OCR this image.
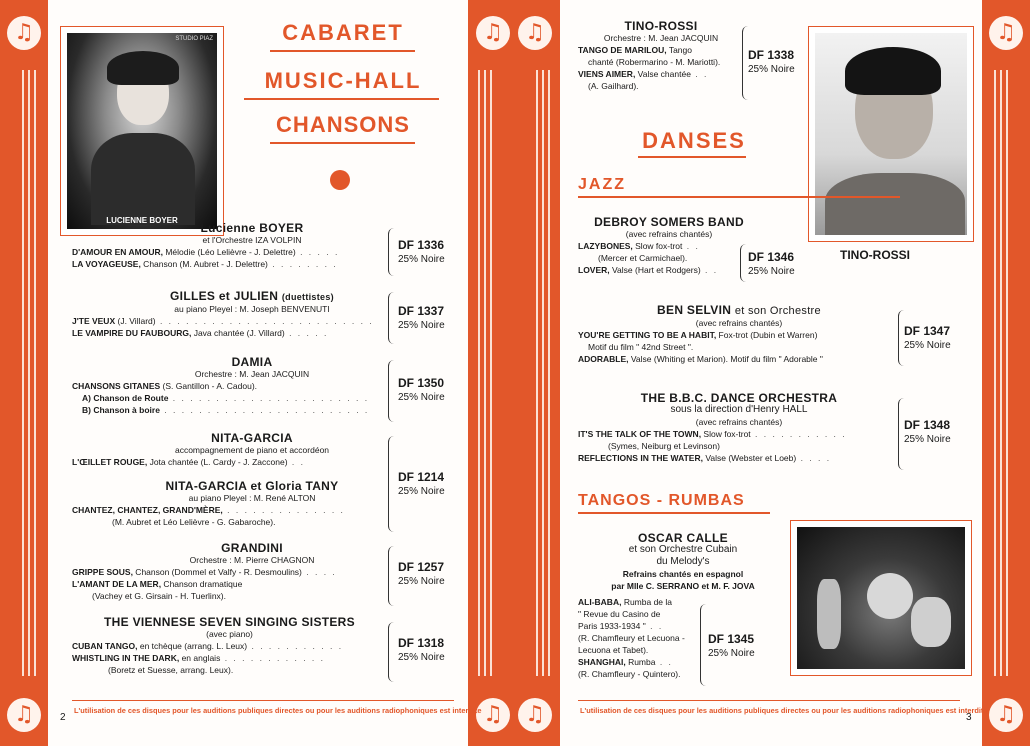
♫
♫
♫
♫
♫
♫
♫
♫
STUDIO PIAZ
LUCIENNE BOYER
CABARET
MUSIC-HALL
CHANSONS
Lucienne BOYER
et l'Orchestre IZA VOLPIN
D'AMOUR EN AMOUR, Mélodie (Léo Lelièvre - J. Delettre) . . . . .
LA VOYAGEUSE, Chanson (M. Aubret - J. Delettre) . . . . . . . .
DF 1336
25% Noire
GILLES et JULIEN (duettistes)
au piano Pleyel : M. Joseph BENVENUTI
J'TE VEUX (J. Villard) . . . . . . . . . . . . . . . . . . . . . . . . .
LE VAMPIRE DU FAUBOURG, Java chantée (J. Villard) . . . . .
DF 1337
25% Noire
DAMIA
Orchestre : M. Jean JACQUIN
CHANSONS GITANES (S. Gantillon - A. Cadou).
A) Chanson de Route . . . . . . . . . . . . . . . . . . . . . . .
B) Chanson à boire . . . . . . . . . . . . . . . . . . . . . . . .
DF 1350
25% Noire
NITA-GARCIA
accompagnement de piano et accordéon
L'ŒILLET ROUGE, Jota chantée (L. Cardy - J. Zaccone) . .
NITA-GARCIA et Gloria TANY
au piano Pleyel : M. René ALTON
CHANTEZ, CHANTEZ, GRAND'MÈRE, . . . . . . . . . . . . . .
(M. Aubret et Léo Lelièvre - G. Gabaroche).
DF 1214
25% Noire
GRANDINI
Orchestre : M. Pierre CHAGNON
GRIPPE SOUS, Chanson (Dommel et Valfy - R. Desmoulins) . . . .
L'AMANT DE LA MER, Chanson dramatique
(Vachey et G. Girsain - H. Tuerlinx).
DF 1257
25% Noire
THE VIENNESE SEVEN SINGING SISTERS
(avec piano)
CUBAN TANGO, en tchèque (arrang. L. Leux) . . . . . . . . . . .
WHISTLING IN THE DARK, en anglais . . . . . . . . . . . .
(Boretz et Suesse, arrang. Leux).
DF 1318
25% Noire
L'utilisation de ces disques pour les auditions publiques directes ou pour les auditions radiophoniques est interdite
2
TINO-ROSSI
Orchestre : M. Jean JACQUIN
TANGO DE MARILOU, Tango
chanté (Robermarino - M. Mariotti).
VIENS AIMER, Valse chantée . .
(A. Gailhard).
DF 1338
25% Noire
TINO-ROSSI
DANSES
JAZZ
DEBROY SOMERS BAND
(avec refrains chantés)
LAZYBONES, Slow fox-trot . .
(Mercer et Carmichael).
LOVER, Valse (Hart et Rodgers) . .
DF 1346
25% Noire
BEN SELVIN et son Orchestre
(avec refrains chantés)
YOU'RE GETTING TO BE A HABIT, Fox-trot (Dubin et Warren)
Motif du film " 42nd Street ".
ADORABLE, Valse (Whiting et Marion). Motif du film " Adorable "
DF 1347
25% Noire
THE B.B.C. DANCE ORCHESTRA
sous la direction d'Henry HALL
(avec refrains chantés)
IT'S THE TALK OF THE TOWN, Slow fox-trot . . . . . . . . . . .
(Symes, Neiburg et Levinson)
REFLECTIONS IN THE WATER, Valse (Webster et Loeb) . . . .
DF 1348
25% Noire
TANGOS - RUMBAS
OSCAR CALLE
et son Orchestre Cubain
du Melody's
Refrains chantés en espagnol
par Mlle C. SERRANO et M. F. JOVA
ALI-BABA, Rumba de la
" Revue du Casino de
Paris 1933-1934 " . .
(R. Chamfleury et Lecuona -
Lecuona et Tabet).
SHANGHAI, Rumba . .
(R. Chamfleury - Quintero).
DF 1345
25% Noire
L'utilisation de ces disques pour les auditions publiques directes ou pour les auditions radiophoniques est interdite
3
